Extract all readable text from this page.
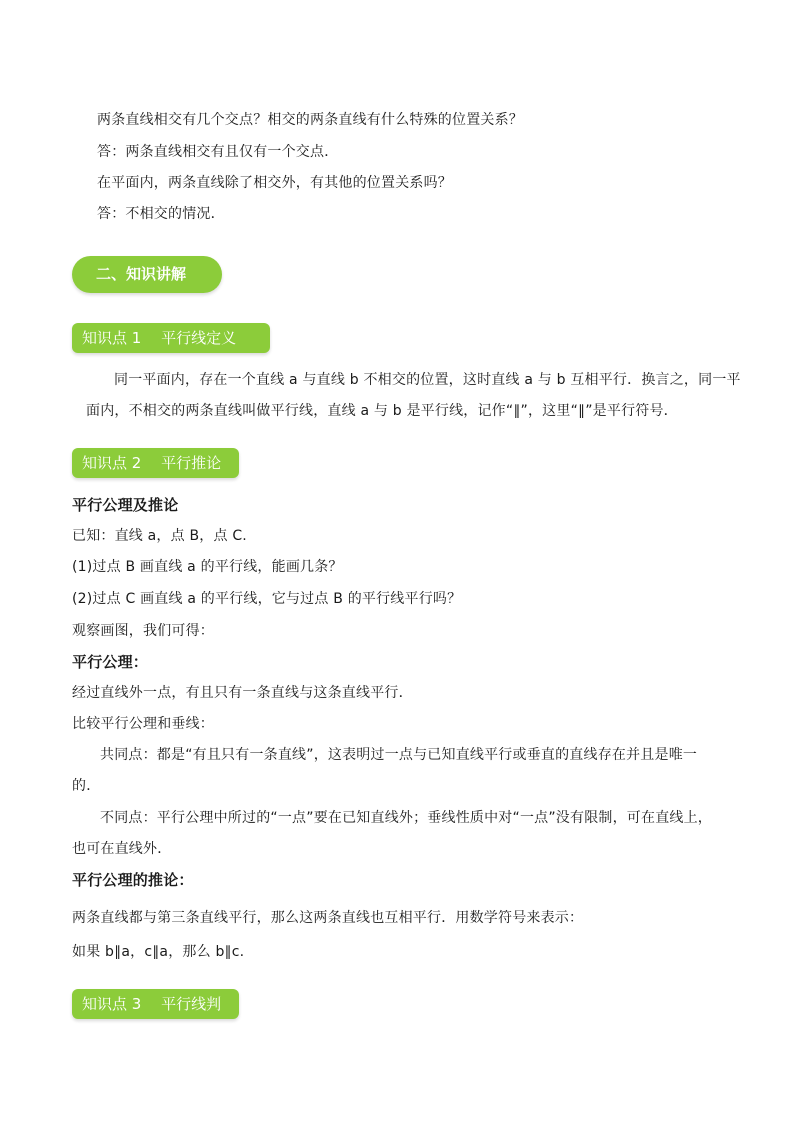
两条直线相交有几个交点？相交的两条直线有什么特殊的位置关系？
答：两条直线相交有且仅有一个交点．
在平面内，两条直线除了相交外，有其他的位置关系吗？
答：不相交的情况．
二、知识讲解
知识点 1　 平行线定义
同一平面内，存在一个直线 a 与直线 b 不相交的位置，这时直线 a 与 b 互相平行．换言之，同一平
面内，不相交的两条直线叫做平行线，直线 a 与 b 是平行线，记作“∥”，这里“∥”是平行符号．
知识点 2　 平行推论
平行公理及推论
已知：直线 a，点 B，点 C.
(1)过点 B 画直线 a 的平行线，能画几条？
(2)过点 C 画直线 a 的平行线，它与过点 B 的平行线平行吗？
观察画图，我们可得：
平行公理：
经过直线外一点，有且只有一条直线与这条直线平行．
比较平行公理和垂线：
共同点：都是“有且只有一条直线”，这表明过一点与已知直线平行或垂直的直线存在并且是唯一
的．
不同点：平行公理中所过的“一点”要在已知直线外；垂线性质中对“一点”没有限制，可在直线上，
也可在直线外．
平行公理的推论：
两条直线都与第三条直线平行，那么这两条直线也互相平行．用数学符号来表示：
如果 b∥a，c∥a，那么 b∥c.
知识点 3　 平行线判
